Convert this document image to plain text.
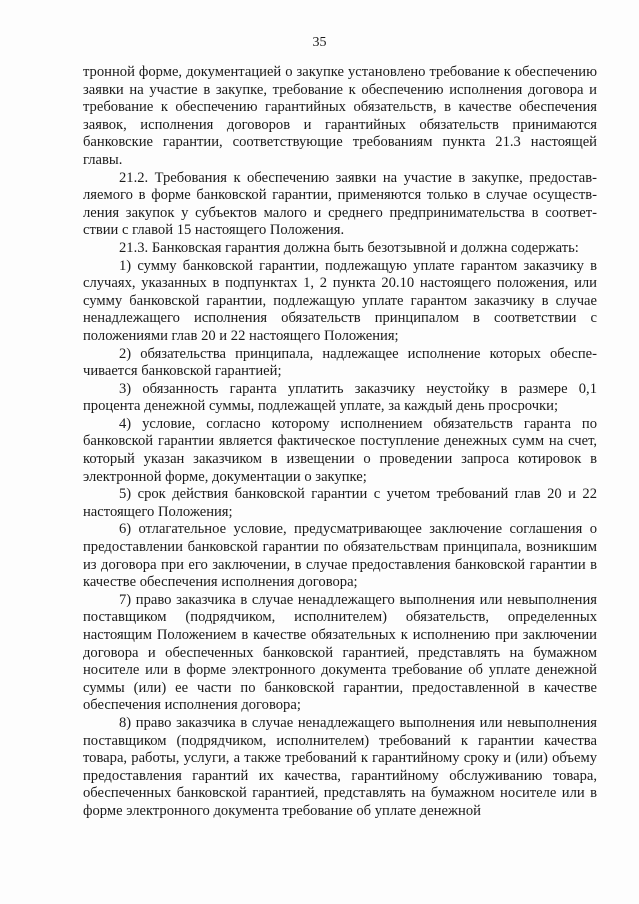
35

тронной форме, документацией о закупке установлено требование к обеспечению заявки на участие в закупке, требование к обеспечению исполнения договора и требование к обеспечению гарантийных обязательств, в качестве обеспечения заявок, исполнения договоров и гарантийных обязательств принимаются банковские гарантии, соответствующие требованиям пункта 21.3 настоящей главы.

21.2. Требования к обеспечению заявки на участие в закупке, предоставляемого в форме банковской гарантии, применяются только в случае осуществления закупок у субъектов малого и среднего предпринимательства в соответствии с главой 15 настоящего Положения.

21.3. Банковская гарантия должна быть безотзывной и должна содержать:

1) сумму банковской гарантии, подлежащую уплате гарантом заказчику в случаях, указанных в подпунктах 1, 2 пункта 20.10 настоящего положения, или сумму банковской гарантии, подлежащую уплате гарантом заказчику в случае ненадлежащего исполнения обязательств принципалом в соответствии с положениями глав 20 и 22 настоящего Положения;

2) обязательства принципала, надлежащее исполнение которых обеспечивается банковской гарантией;

3) обязанность гаранта уплатить заказчику неустойку в размере 0,1 процента денежной суммы, подлежащей уплате, за каждый день просрочки;

4) условие, согласно которому исполнением обязательств гаранта по банковской гарантии является фактическое поступление денежных сумм на счет, который указан заказчиком в извещении о проведении запроса котировок в электронной форме, документации о закупке;

5) срок действия банковской гарантии с учетом требований глав 20 и 22 настоящего Положения;

6) отлагательное условие, предусматривающее заключение соглашения о предоставлении банковской гарантии по обязательствам принципала, возникшим из договора при его заключении, в случае предоставления банковской гарантии в качестве обеспечения исполнения договора;

7) право заказчика в случае ненадлежащего выполнения или невыполнения поставщиком (подрядчиком, исполнителем) обязательств, определенных настоящим Положением в качестве обязательных к исполнению при заключении договора и обеспеченных банковской гарантией, представлять на бумажном носителе или в форме электронного документа требование об уплате денежной суммы (или) ее части по банковской гарантии, предоставленной в качестве обеспечения исполнения договора;

8) право заказчика в случае ненадлежащего выполнения или невыполнения поставщиком (подрядчиком, исполнителем) требований к гарантии качества товара, работы, услуги, а также требований к гарантийному сроку и (или) объему предоставления гарантий их качества, гарантийному обслуживанию товара, обеспеченных банковской гарантией, представлять на бумажном носителе или в форме электронного документа требование об уплате денежной
